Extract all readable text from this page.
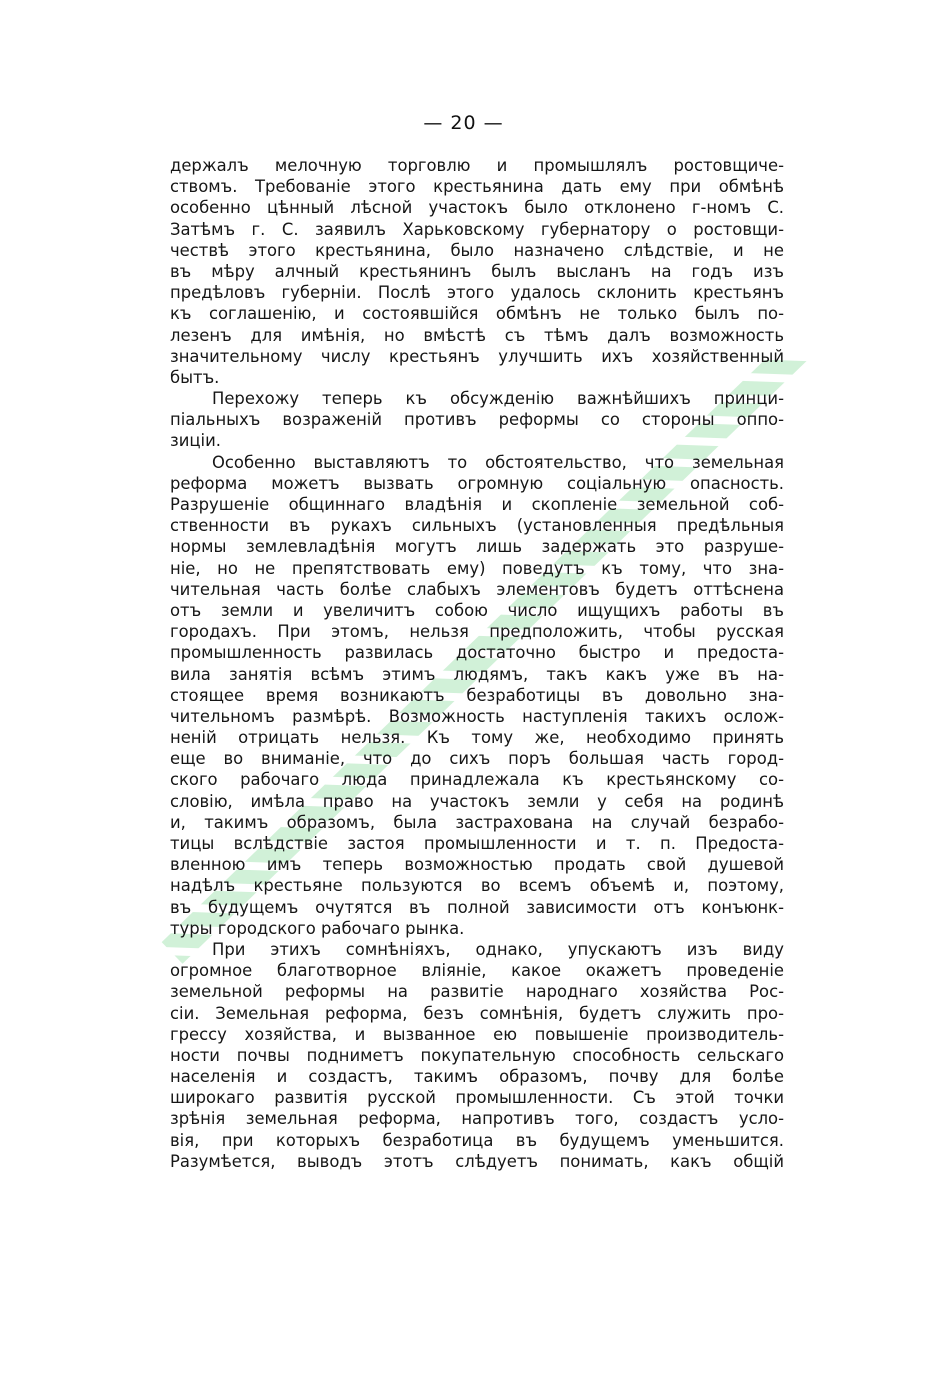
— 20 —
держалъ мелочную торговлю и промышлялъ ростовщиче-
ствомъ. Требованіе этого крестьянина дать ему при обмѣнѣ
особенно цѣнный лѣсной участокъ было отклонено г-номъ С.
Затѣмъ г. С. заявилъ Харьковскому губернатору о ростовщи-
чествѣ этого крестьянина, было назначено слѣдствіе, и не
въ мѣру алчный крестьянинъ былъ высланъ на годъ изъ
предѣловъ губерніи. Послѣ этого удалось склонить крестьянъ
къ соглашенію, и состоявшійся обмѣнъ не только былъ по-
лезенъ для имѣнія, но вмѣстѣ съ тѣмъ далъ возможность
значительному числу крестьянъ улучшить ихъ хозяйственный
бытъ.
Перехожу теперь къ обсужденію важнѣйшихъ принци-
піальныхъ возраженій противъ реформы со стороны оппо-
зиціи.
Особенно выставляютъ то обстоятельство, что земельная
реформа можетъ вызвать огромную соціальную опасность.
Разрушеніе общиннаго владѣнія и скопленіе земельной соб-
ственности въ рукахъ сильныхъ (установленныя предѣльныя
нормы землевладѣнія могутъ лишь задержать это разруше-
ніе, но не препятствовать ему) поведутъ къ тому, что зна-
чительная часть болѣе слабыхъ элементовъ будетъ оттѣснена
отъ земли и увеличитъ собою число ищущихъ работы въ
городахъ. При этомъ, нельзя предположить, чтобы русская
промышленность развилась достаточно быстро и предоста-
вила занятія всѣмъ этимъ людямъ, такъ какъ уже въ на-
стоящее время возникаютъ безработицы въ довольно зна-
чительномъ размѣрѣ. Возможность наступленія такихъ ослож-
неній отрицать нельзя. Къ тому же, необходимо принять
еще во вниманіе, что до сихъ поръ большая часть город-
ского рабочаго люда принадлежала къ крестьянскому со-
словію, имѣла право на участокъ земли у себя на родинѣ
и, такимъ образомъ, была застрахована на случай безрабо-
тицы вслѣдствіе застоя промышленности и т. п. Предоста-
вленною имъ теперь возможностью продать свой душевой
надѣлъ крестьяне пользуются во всемъ объемѣ и, поэтому,
въ будущемъ очутятся въ полной зависимости отъ конъюнк-
туры городского рабочаго рынка.
При этихъ сомнѣніяхъ, однако, упускаютъ изъ виду
огромное благотворное вліяніе, какое окажетъ проведеніе
земельной реформы на развитіе народнаго хозяйства Рос-
сіи. Земельная реформа, безъ сомнѣнія, будетъ служить про-
грессу хозяйства, и вызванное ею повышеніе производитель-
ности почвы подниметъ покупательную способность сельскаго
населенія и создастъ, такимъ образомъ, почву для болѣе
широкаго развитія русской промышленности. Съ этой точки
зрѣнія земельная реформа, напротивъ того, создастъ усло-
вія, при которыхъ безработица въ будущемъ уменьшится.
Разумѣется, выводъ этотъ слѣдуетъ понимать, какъ общій
